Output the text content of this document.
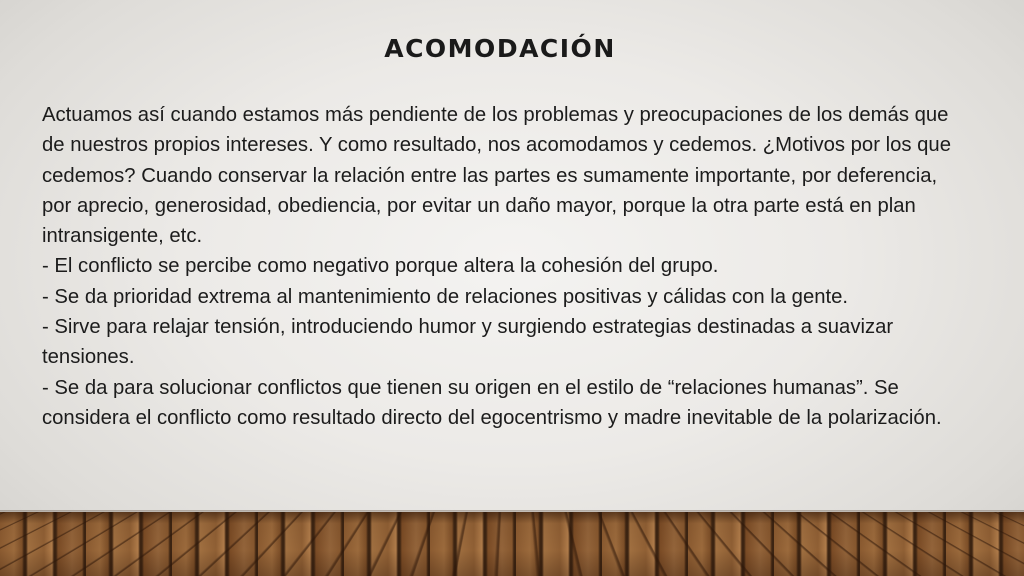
ACOMODACIÓN

Actuamos así cuando estamos más pendiente de los problemas y preocupaciones de los demás que de nuestros propios intereses. Y como resultado, nos acomodamos y cedemos. ¿Motivos por los que cedemos? Cuando conservar la relación entre las partes es sumamente importante, por deferencia, por aprecio, generosidad, obediencia, por evitar un daño mayor, porque la otra parte está en plan intransigente, etc.

- El conflicto se percibe como negativo porque altera la cohesión del grupo.

- Se da prioridad extrema al mantenimiento de relaciones positivas y cálidas con la gente.

- Sirve para relajar tensión, introduciendo humor y surgiendo estrategias destinadas a suavizar tensiones.

- Se da para solucionar conflictos que tienen su origen en el estilo de “relaciones humanas”. Se considera el conflicto como resultado directo del egocentrismo y madre inevitable de la polarización.
